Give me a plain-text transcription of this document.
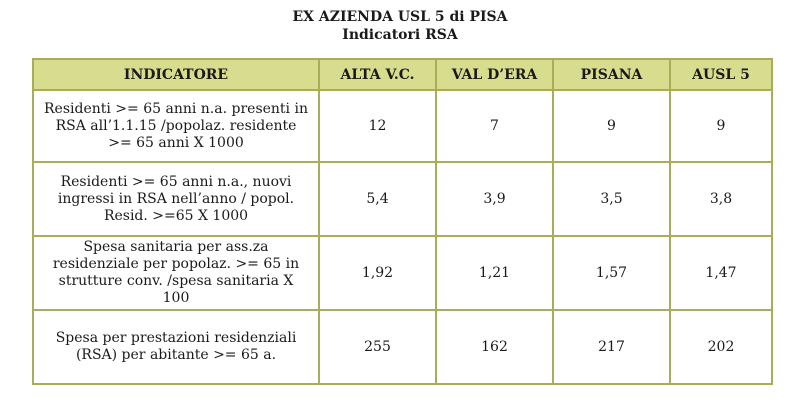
EX AZIENDA USL 5 di PISA
Indicatori RSA
INDICATORE	ALTA V.C.	VAL D’ERA	PISANA	AUSL 5
Residenti >= 65 anni n.a. presenti in RSA all’1.1.15 /popolaz. residente >= 65 anni X 1000	12	7	9	9
Residenti >= 65 anni n.a., nuovi ingressi in RSA nell’anno / popol. Resid. >=65 X 1000	5,4	3,9	3,5	3,8
Spesa sanitaria per ass.za residenziale per popolaz. >= 65 in strutture conv. /spesa sanitaria X 100	1,92	1,21	1,57	1,47
Spesa per prestazioni residenziali (RSA) per abitante >= 65 a.	255	162	217	202
